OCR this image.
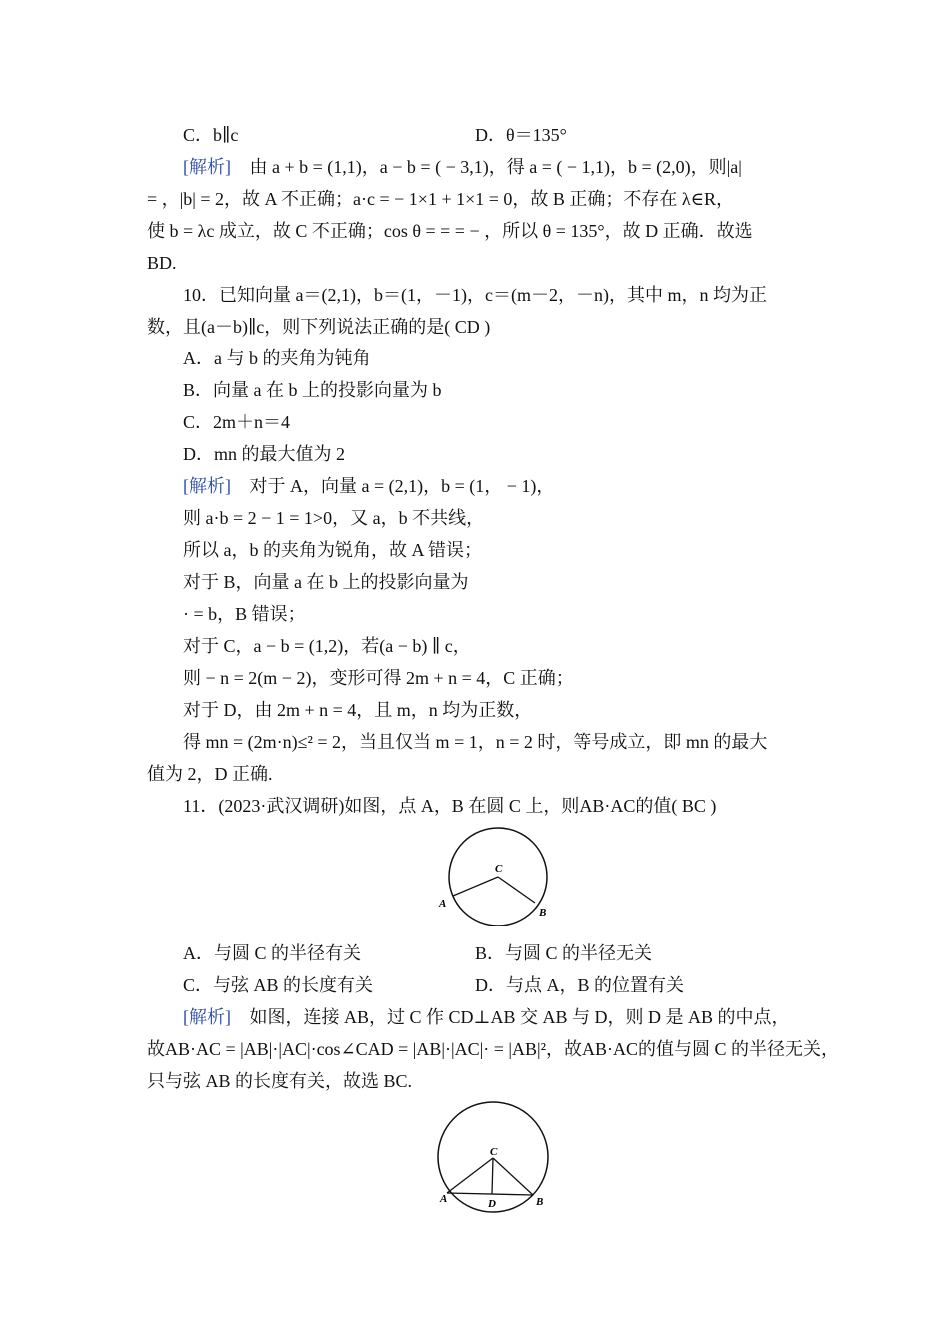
C．b∥c	D．θ＝135°
[解析] 由 a + b = (1,1)，a − b = ( − 3,1)，得 a = ( − 1,1)，b = (2,0)，则|a|
= ，|b| = 2，故 A 不正确；a·c = − 1×1 + 1×1 = 0，故 B 正确；不存在 λ∈R，
使 b = λc 成立，故 C 不正确；cos θ = = = − ，所以 θ = 135°，故 D 正确．故选
BD.
10．已知向量 a＝(2,1)，b＝(1，－1)，c＝(m－2，－n)，其中 m，n 均为正
数，且(a－b)∥c，则下列说法正确的是( CD )
A．a 与 b 的夹角为钝角
B．向量 a 在 b 上的投影向量为 b
C．2m＋n＝4
D．mn 的最大值为 2
[解析] 对于 A，向量 a = (2,1)，b = (1， − 1)，
则 a·b = 2 − 1 = 1>0，又 a，b 不共线，
所以 a，b 的夹角为锐角，故 A 错误；
对于 B，向量 a 在 b 上的投影向量为
· = b，B 错误；
对于 C，a − b = (1,2)，若(a − b) ∥ c，
则 − n = 2(m − 2)，变形可得 2m + n = 4，C 正确；
对于 D，由 2m + n = 4，且 m，n 均为正数，
得 mn = (2m·n)≤² = 2，当且仅当 m = 1，n = 2 时，等号成立，即 mn 的最大
值为 2，D 正确.
11．(2023·武汉调研)如图，点 A，B 在圆 C 上，则AB·AC的值( BC )
C
A
B
A．与圆 C 的半径有关	B．与圆 C 的半径无关
C．与弦 AB 的长度有关	D．与点 A，B 的位置有关
[解析] 如图，连接 AB，过 C 作 CD⊥AB 交 AB 与 D，则 D 是 AB 的中点，
故AB·AC = |AB|·|AC|·cos∠CAD = |AB|·|AC|· = |AB|²，故AB·AC的值与圆 C 的半径无关，
只与弦 AB 的长度有关，故选 BC.
C
A	B
D
